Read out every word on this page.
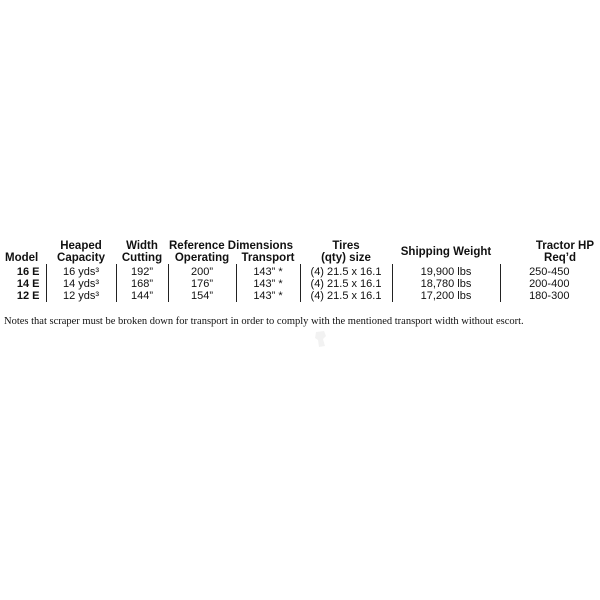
Model	Heaped	Width	Reference Dimensions		Tires	Shipping Weight	Tractor HP
	Capacity	Cutting	Operating	Transport	(qty) size		Req’d
16 E	16 yds³	192”	200”	143” *	(4) 21.5 x 16.1	19,900 lbs	250-450
14 E	14 yds³	168”	176”	143” *	(4) 21.5 x 16.1	18,780 lbs	200-400
12 E	12 yds³	144”	154”	143” *	(4) 21.5 x 16.1	17,200 lbs	180-300
Notes that scraper must be broken down for transport in order to comply with the mentioned transport width without escort.
